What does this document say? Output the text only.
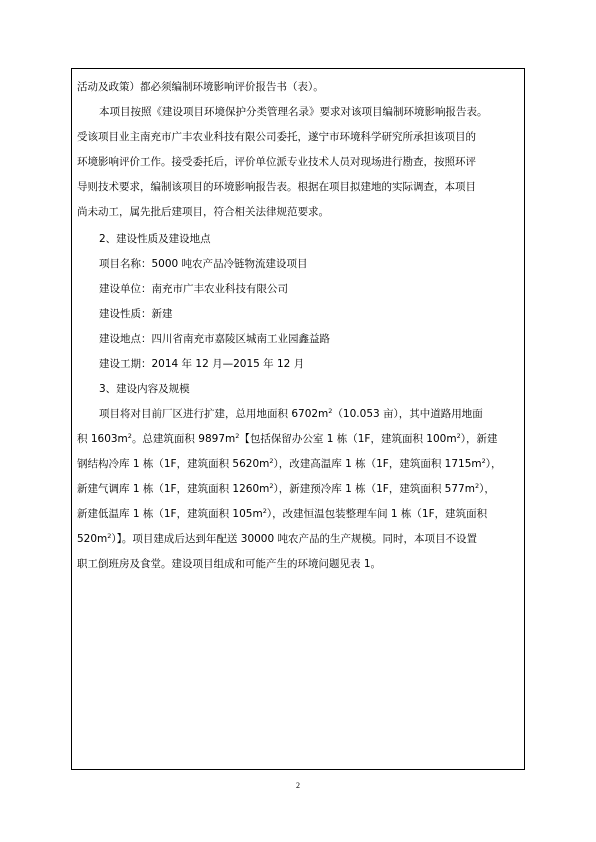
活动及政策）都必须编制环境影响评价报告书（表）。
本项目按照《建设项目环境保护分类管理名录》要求对该项目编制环境影响报告表。
受该项目业主南充市广丰农业科技有限公司委托，遂宁市环境科学研究所承担该项目的
环境影响评价工作。接受委托后，评价单位派专业技术人员对现场进行勘查，按照环评
导则技术要求，编制该项目的环境影响报告表。根据在项目拟建地的实际调查，本项目
尚未动工，属先批后建项目，符合相关法律规范要求。
2、建设性质及建设地点
项目名称：5000 吨农产品冷链物流建设项目
建设单位：南充市广丰农业科技有限公司
建设性质：新建
建设地点：四川省南充市嘉陵区城南工业园鑫益路
建设工期：2014 年 12 月—2015 年 12 月
3、建设内容及规模
项目将对目前厂区进行扩建，总用地面积 $6702m^2(10.053$ 亩），其中道路用地面
积 $1603m^2$。总建筑面积 $9897m^2$【包括保留办公室 1 栋（1F，建筑面积 $100m^2$），新建
钢结构冷库 1 栋（1F，建筑面积 $5620m^2$），改建高温库 1 栋（1F，建筑面积 $1715m^2$），
新建气调库 1 栋（1F，建筑面积 $1260m^2$），新建预冷库 1 栋（1F，建筑面积 $577m^2$），
新建低温库 1 栋（1F，建筑面积 $105m^2$），改建恒温包装整理车间 1 栋（1F，建筑面积
$520m^2$）】。项目建成后达到年配送 30000 吨农产品的生产规模。同时，本项目不设置
职工倒班房及食堂。建设项目组成和可能产生的环境问题见表 1。
2
